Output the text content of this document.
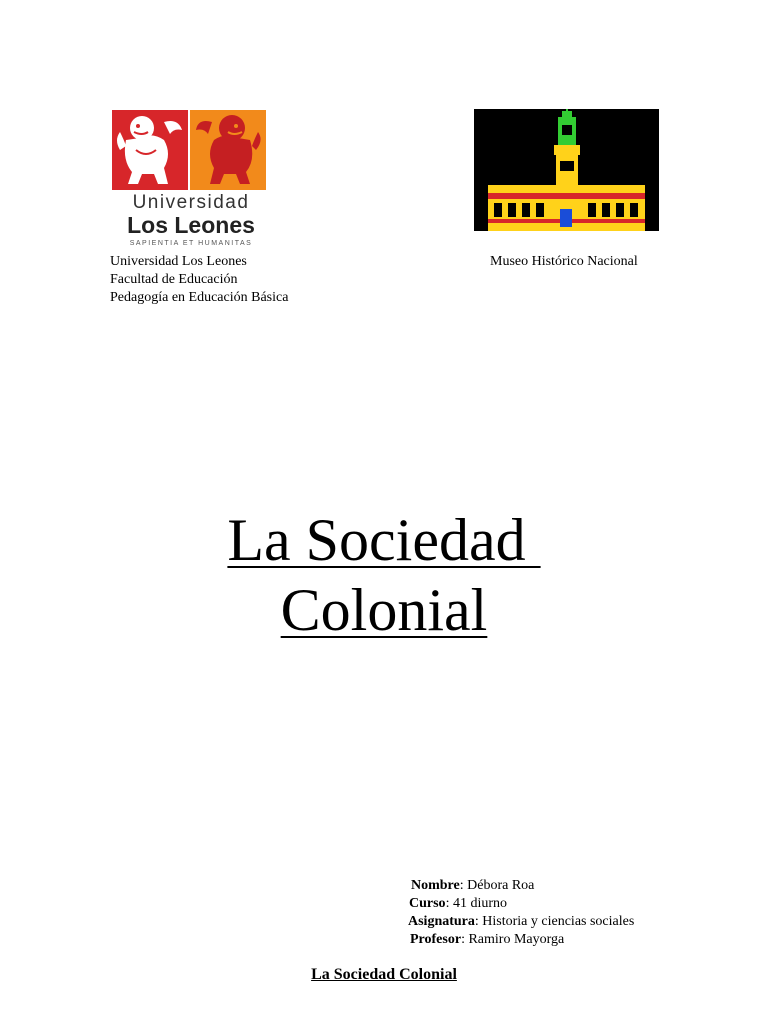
Universidad
Los Leones
SAPIENTIA ET HUMANITAS
Universidad Los Leones
Facultad de Educación
Pedagogía en Educación Básica
Museo Histórico Nacional
La Sociedad
Colonial
Nombre: Débora Roa
Curso: 41 diurno
Asignatura: Historia y ciencias sociales
Profesor: Ramiro Mayorga
La Sociedad Colonial
